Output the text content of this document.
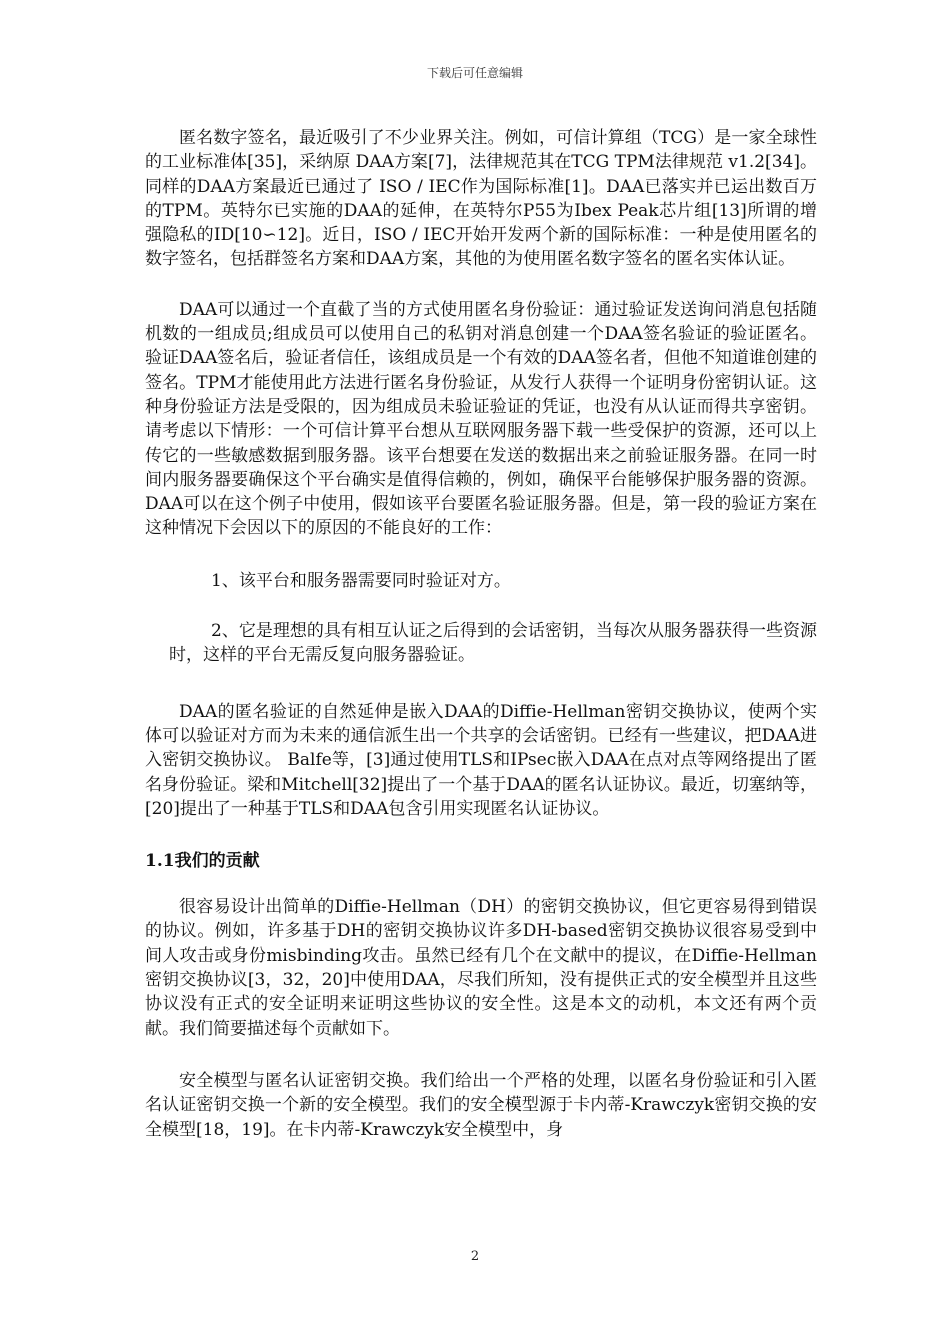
下载后可任意编辑

匿名数字签名，最近吸引了不少业界关注。例如，可信计算组（TCG）是一家全球性的工业标准体[35]，采纳原 DAA方案[7]，法律规范其在TCG TPM法律规范 v1.2[34]。同样的DAA方案最近已通过了 ISO / IEC作为国际标准[1]。DAA已落实并已运出数百万的TPM。英特尔已实施的DAA的延伸，在英特尔P55为Ibex Peak芯片组[13]所谓的增强隐私的ID[10∽12]。近日，ISO / IEC开始开发两个新的国际标准：一种是使用匿名的数字签名，包括群签名方案和DAA方案，其他的为使用匿名数字签名的匿名实体认证。

DAA可以通过一个直截了当的方式使用匿名身份验证：通过验证发送询问消息包括随机数的一组成员;组成员可以使用自己的私钥对消息创建一个DAA签名验证的验证匿名。验证DAA签名后，验证者信任，该组成员是一个有效的DAA签名者，但他不知道谁创建的签名。TPM才能使用此方法进行匿名身份验证，从发行人获得一个证明身份密钥认证。这种身份验证方法是受限的，因为组成员未验证验证的凭证，也没有从认证而得共享密钥。请考虑以下情形：一个可信计算平台想从互联网服务器下载一些受保护的资源，还可以上传它的一些敏感数据到服务器。该平台想要在发送的数据出来之前验证服务器。在同一时间内服务器要确保这个平台确实是值得信赖的，例如，确保平台能够保护服务器的资源。DAA可以在这个例子中使用，假如该平台要匿名验证服务器。但是，第一段的验证方案在这种情况下会因以下的原因的不能良好的工作：

1、该平台和服务器需要同时验证对方。

2、它是理想的具有相互认证之后得到的会话密钥，当每次从服务器获得一些资源时，这样的平台无需反复向服务器验证。

DAA的匿名验证的自然延伸是嵌入DAA的Diffie-Hellman密钥交换协议，使两个实体可以验证对方而为未来的通信派生出一个共享的会话密钥。已经有一些建议，把DAA进入密钥交换协议。 Balfe等，[3]通过使用TLS和IPsec嵌入DAA在点对点等网络提出了匿名身份验证。梁和Mitchell[32]提出了一个基于DAA的匿名认证协议。最近，切塞纳等，[20]提出了一种基于TLS和DAA包含引用实现匿名认证协议。

1.1我们的贡献

很容易设计出简单的Diffie-Hellman（DH）的密钥交换协议，但它更容易得到错误的协议。例如，许多基于DH的密钥交换协议许多DH-based密钥交换协议很容易受到中间人攻击或身份misbinding攻击。虽然已经有几个在文献中的提议，在Diffie-Hellman密钥交换协议[3，32，20]中使用DAA，尽我们所知，没有提供正式的安全模型并且这些协议没有正式的安全证明来证明这些协议的安全性。这是本文的动机，本文还有两个贡献。我们简要描述每个贡献如下。

安全模型与匿名认证密钥交换。我们给出一个严格的处理，以匿名身份验证和引入匿名认证密钥交换一个新的安全模型。我们的安全模型源于卡内蒂-Krawczyk密钥交换的安全模型[18，19]。在卡内蒂-Krawczyk安全模型中，身

2
